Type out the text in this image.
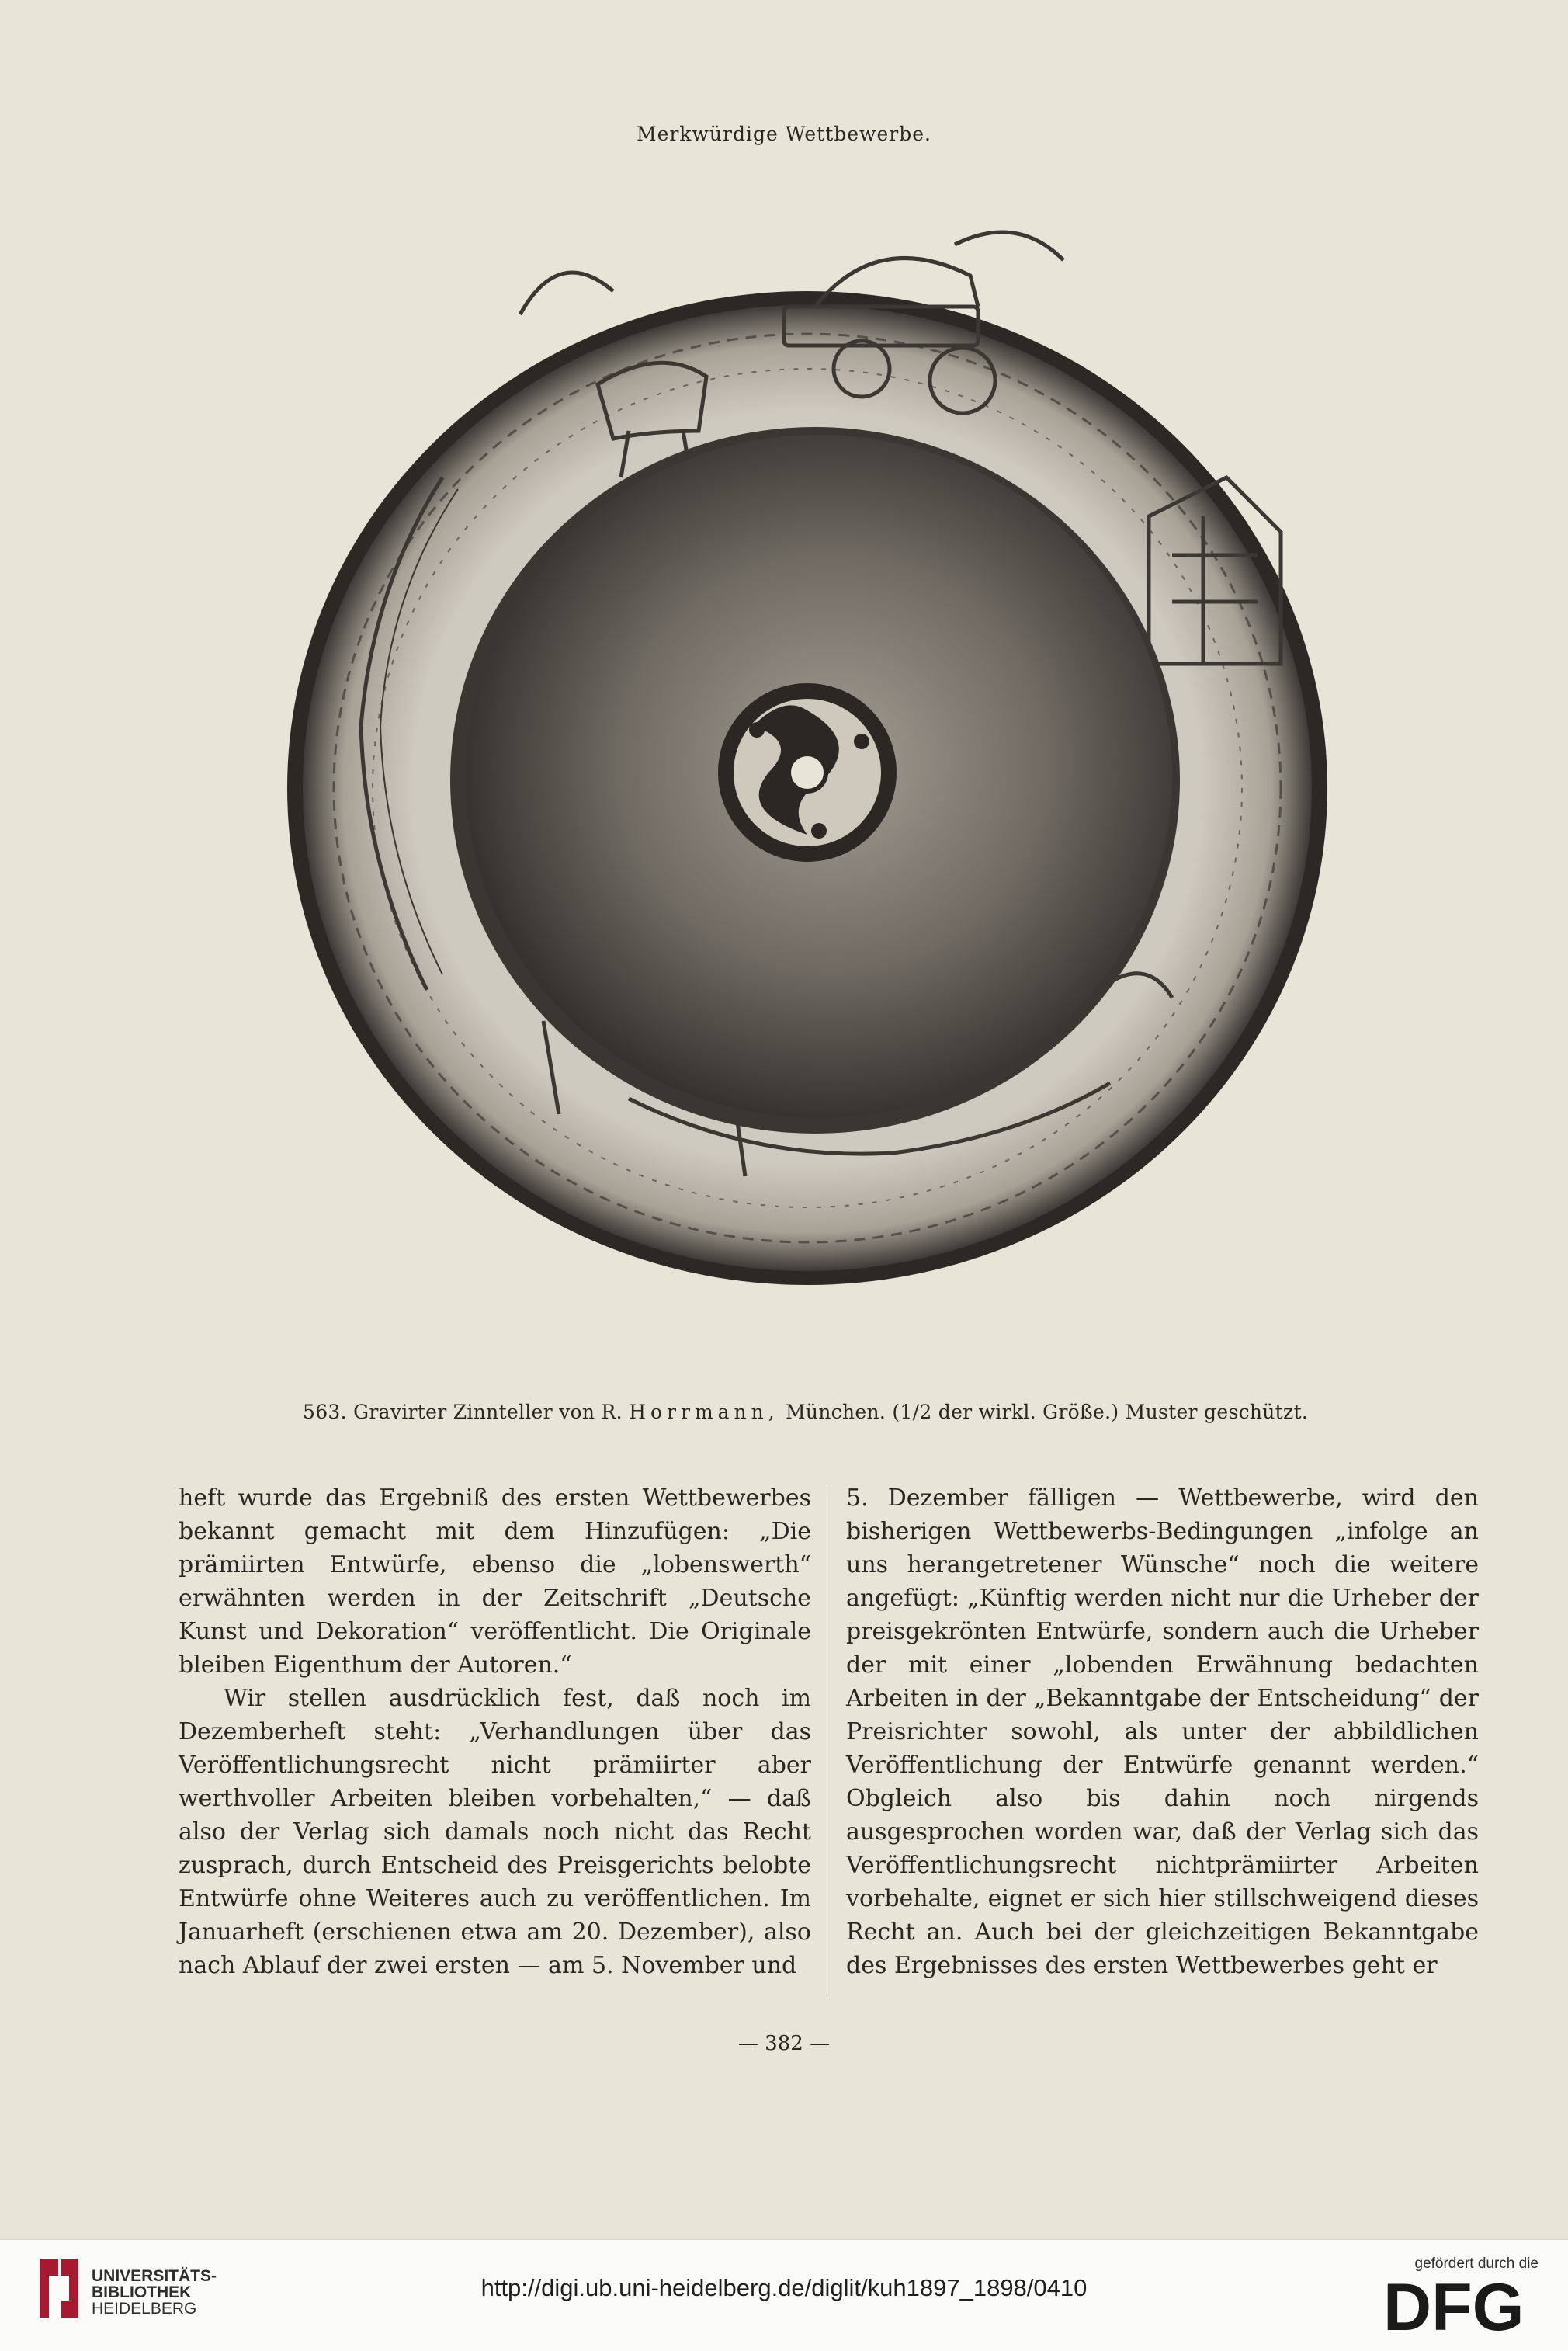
Merkwürdige Wettbewerbe.
563. Gravirter Zinnteller von R. Horrmann, München. (1/2 der wirkl. Größe.) Muster geschützt.

heft wurde das Ergebniß des ersten Wettbewerbes bekannt gemacht mit dem Hinzufügen: „Die prämiirten Entwürfe, ebenso die „lobenswerth“ erwähnten werden in der Zeitschrift „Deutsche Kunst und Dekoration“ veröffentlicht. Die Originale bleiben Eigenthum der Autoren.“

Wir stellen ausdrücklich fest, daß noch im Dezemberheft steht: „Verhandlungen über das Veröffentlichungsrecht nicht prämiirter aber werthvoller Arbeiten bleiben vorbehalten,“ — daß also der Verlag sich damals noch nicht das Recht zusprach, durch Entscheid des Preisgerichts belobte Entwürfe ohne Weiteres auch zu veröffentlichen. Im Januarheft (erschienen etwa am 20. Dezember), also nach Ablauf der zwei ersten — am 5. November und

5. Dezember fälligen — Wettbewerbe, wird den bisherigen Wettbewerbs-Bedingungen „infolge an uns herangetretener Wünsche“ noch die weitere angefügt: „Künftig werden nicht nur die Urheber der preisgekrönten Entwürfe, sondern auch die Urheber der mit einer „lobenden Erwähnung bedachten Arbeiten in der „Bekanntgabe der Entscheidung“ der Preisrichter sowohl, als unter der abbildlichen Veröffentlichung der Entwürfe genannt werden.“ Obgleich also bis dahin noch nirgends ausgesprochen worden war, daß der Verlag sich das Veröffentlichungsrecht nichtprämiirter Arbeiten vorbehalte, eignet er sich hier stillschweigend dieses Recht an. Auch bei der gleichzeitigen Bekanntgabe des Ergebnisses des ersten Wettbewerbes geht er

— 382 —
UNIVERSITÄTS-
BIBLIOTHEK
HEIDELBERG
http://digi.ub.uni-heidelberg.de/diglit/kuh1897_1898/0410
gefördert durch die
DFG
